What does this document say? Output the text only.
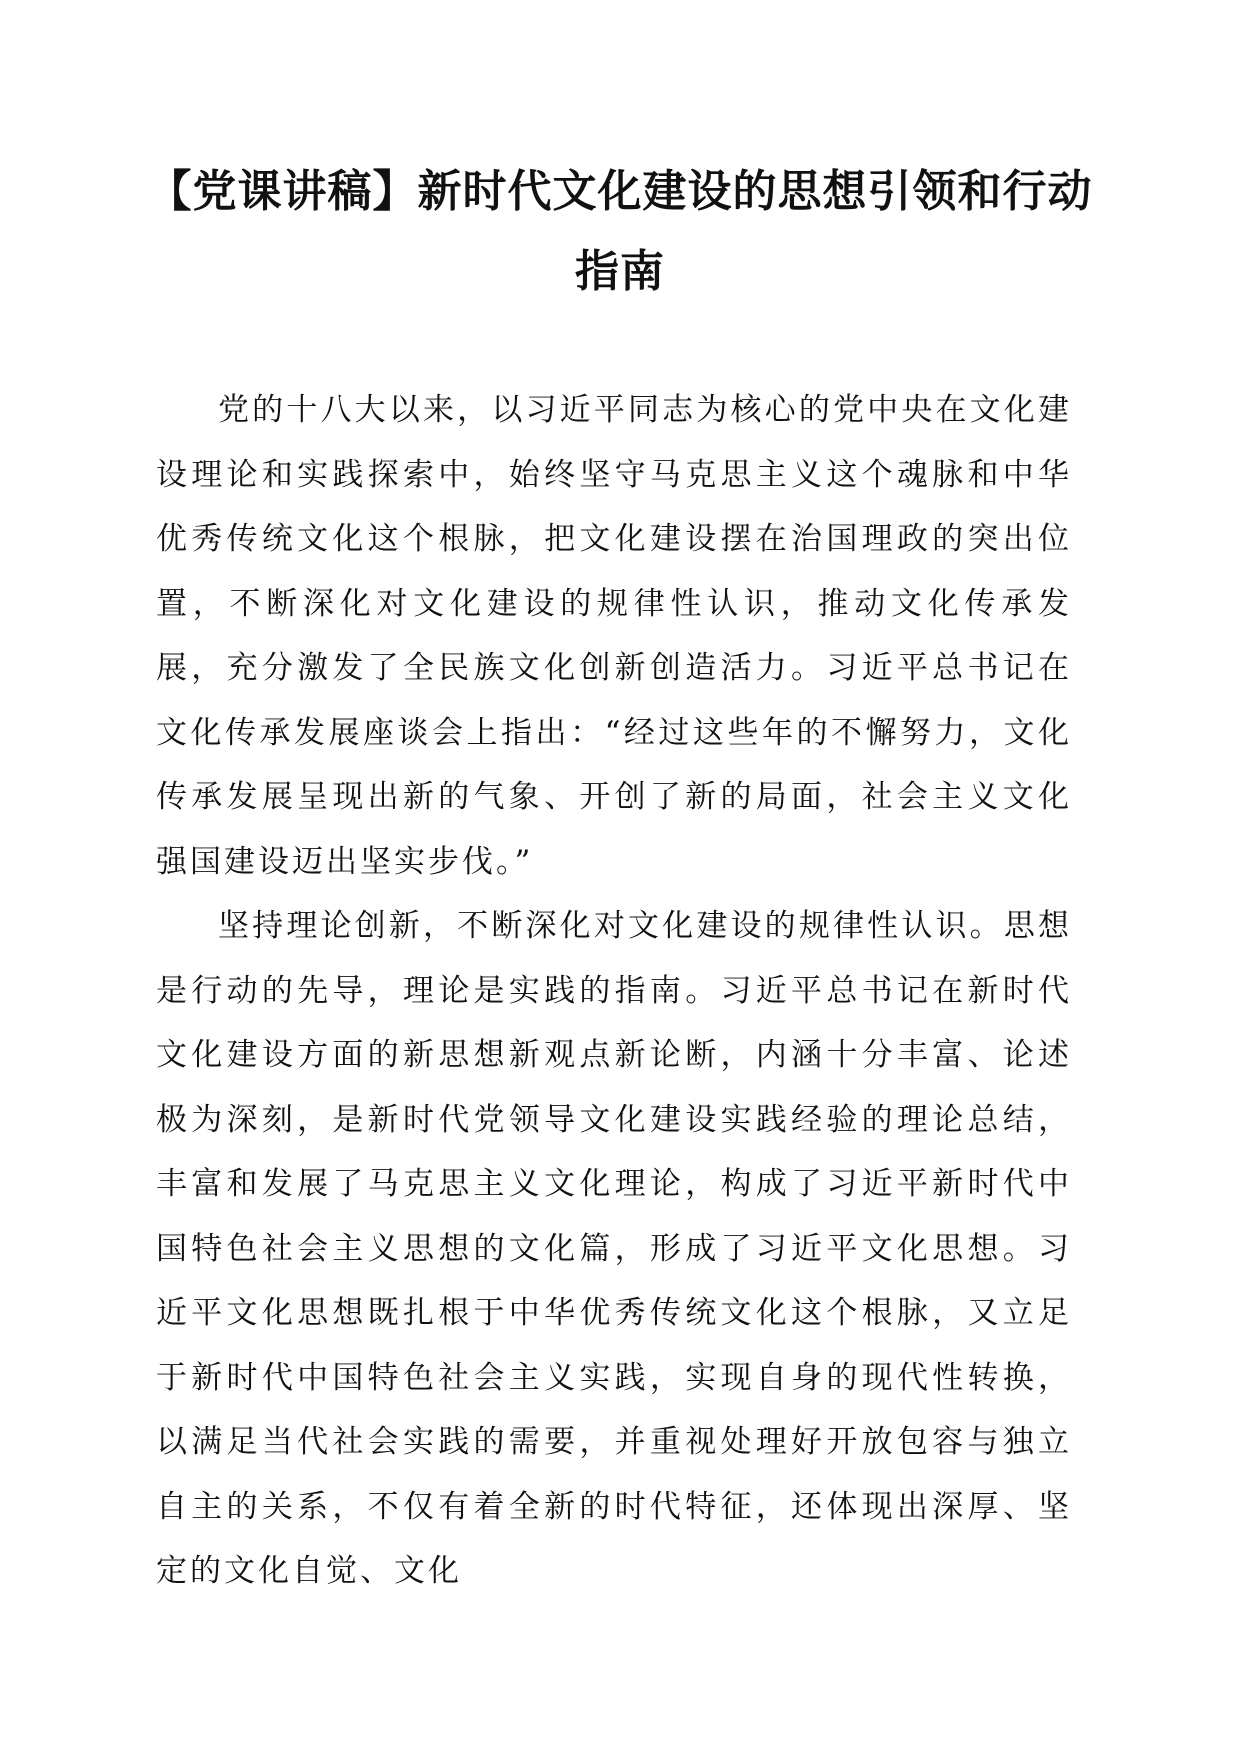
【党课讲稿】新时代文化建设的思想引领和行动指南

党的十八大以来，以习近平同志为核心的党中央在文化建设理论和实践探索中，始终坚守马克思主义这个魂脉和中华优秀传统文化这个根脉，把文化建设摆在治国理政的突出位置，不断深化对文化建设的规律性认识，推动文化传承发展，充分激发了全民族文化创新创造活力。习近平总书记在文化传承发展座谈会上指出：“经过这些年的不懈努力，文化传承发展呈现出新的气象、开创了新的局面，社会主义文化强国建设迈出坚实步伐。”

坚持理论创新，不断深化对文化建设的规律性认识。思想是行动的先导，理论是实践的指南。习近平总书记在新时代文化建设方面的新思想新观点新论断，内涵十分丰富、论述极为深刻，是新时代党领导文化建设实践经验的理论总结，丰富和发展了马克思主义文化理论，构成了习近平新时代中国特色社会主义思想的文化篇，形成了习近平文化思想。习近平文化思想既扎根于中华优秀传统文化这个根脉，又立足于新时代中国特色社会主义实践，实现自身的现代性转换，以满足当代社会实践的需要，并重视处理好开放包容与独立自主的关系，不仅有着全新的时代特征，还体现出深厚、坚定的文化自觉、文化
